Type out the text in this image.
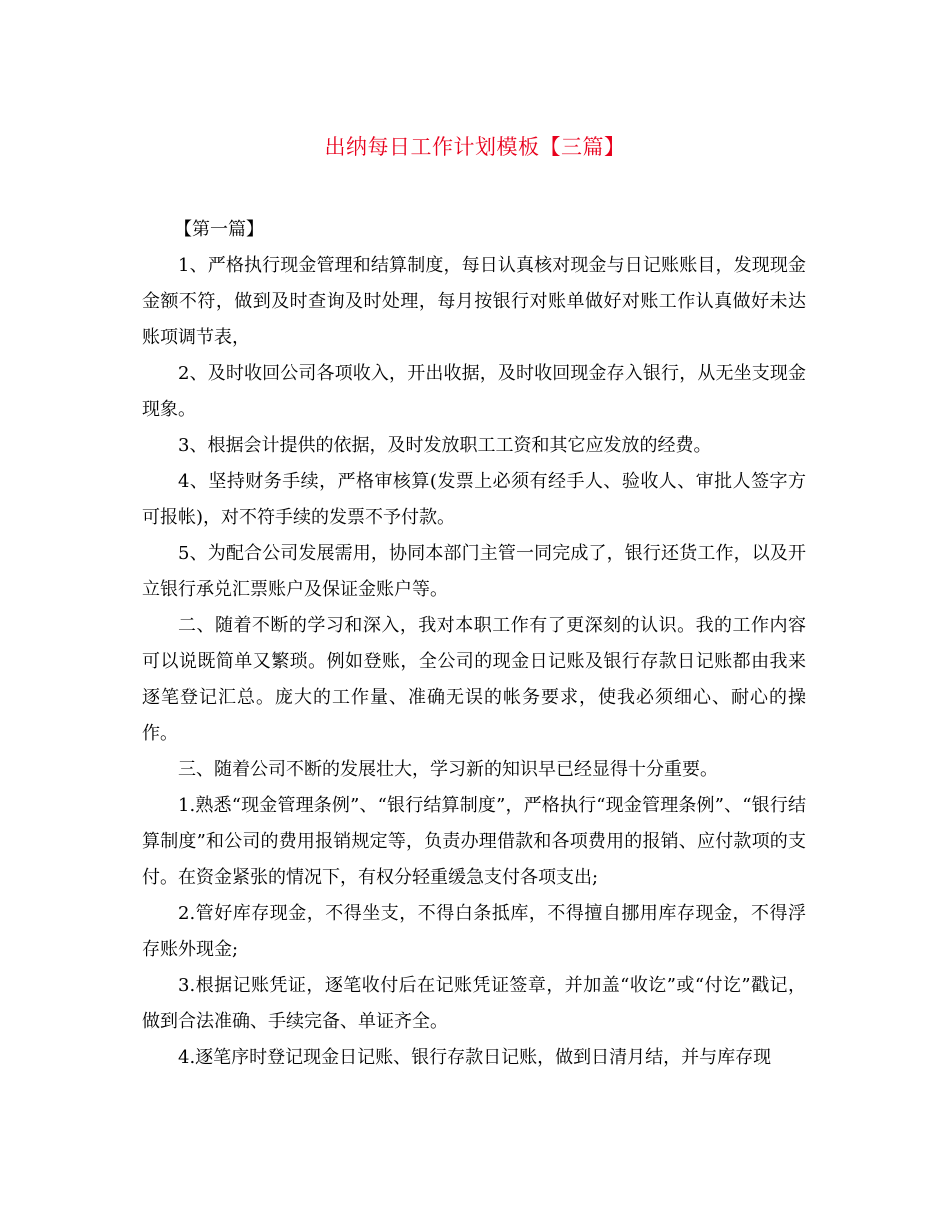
出纳每日工作计划模板【三篇】

【第一篇】

1、严格执行现金管理和结算制度，每日认真核对现金与日记账账目，发现现金金额不符，做到及时查询及时处理，每月按银行对账单做好对账工作认真做好未达账项调节表，

2、及时收回公司各项收入，开出收据，及时收回现金存入银行，从无坐支现金现象。

3、根据会计提供的依据，及时发放职工工资和其它应发放的经费。

4、坚持财务手续，严格审核算(发票上必须有经手人、验收人、审批人签字方可报帐)，对不符手续的发票不予付款。

5、为配合公司发展需用，协同本部门主管一同完成了，银行还货工作，以及开立银行承兑汇票账户及保证金账户等。

二、随着不断的学习和深入，我对本职工作有了更深刻的认识。我的工作内容可以说既简单又繁琐。例如登账，全公司的现金日记账及银行存款日记账都由我来逐笔登记汇总。庞大的工作量、准确无误的帐务要求，使我必须细心、耐心的操作。

三、随着公司不断的发展壮大，学习新的知识早已经显得十分重要。

1.熟悉“现金管理条例”、“银行结算制度”，严格执行“现金管理条例”、“银行结算制度”和公司的费用报销规定等，负责办理借款和各项费用的报销、应付款项的支付。在资金紧张的情况下，有权分轻重缓急支付各项支出;

2.管好库存现金，不得坐支，不得白条抵库，不得擅自挪用库存现金，不得浮存账外现金;

3.根据记账凭证，逐笔收付后在记账凭证签章，并加盖“收讫”或“付讫”戳记，做到合法准确、手续完备、单证齐全。

4.逐笔序时登记现金日记账、银行存款日记账，做到日清月结，并与库存现
